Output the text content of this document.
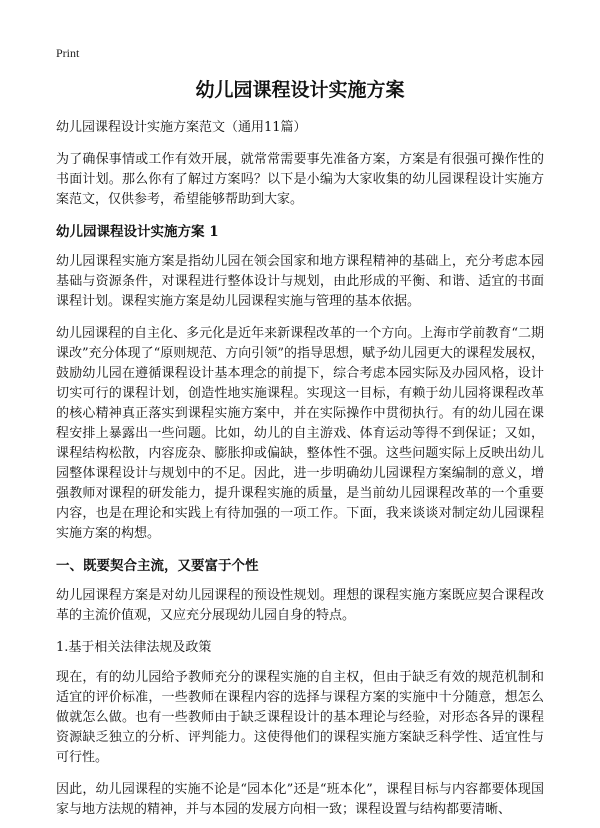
Print
幼儿园课程设计实施方案

幼儿园课程设计实施方案范文（通用11篇）

为了确保事情或工作有效开展，就常常需要事先准备方案，方案是有很强可操作性的书面计划。那么你有了解过方案吗？以下是小编为大家收集的幼儿园课程设计实施方案范文，仅供参考，希望能够帮助到大家。

幼儿园课程设计实施方案 1

幼儿园课程实施方案是指幼儿园在领会国家和地方课程精神的基础上，充分考虑本园基础与资源条件，对课程进行整体设计与规划，由此形成的平衡、和谐、适宜的书面课程计划。课程实施方案是幼儿园课程实施与管理的基本依据。

幼儿园课程的自主化、多元化是近年来新课程改革的一个方向。上海市学前教育“二期课改”充分体现了“原则规范、方向引领”的指导思想，赋予幼儿园更大的课程发展权，鼓励幼儿园在遵循课程设计基本理念的前提下，综合考虑本园实际及办园风格，设计切实可行的课程计划，创造性地实施课程。实现这一目标，有赖于幼儿园将课程改革的核心精神真正落实到课程实施方案中，并在实际操作中贯彻执行。有的幼儿园在课程安排上暴露出一些问题。比如，幼儿的自主游戏、体育运动等得不到保证；又如，课程结构松散，内容庞杂、膨胀抑或偏缺，整体性不强。这些问题实际上反映出幼儿园整体课程设计与规划中的不足。因此，进一步明确幼儿园课程方案编制的意义，增强教师对课程的研发能力，提升课程实施的质量，是当前幼儿园课程改革的一个重要内容，也是在理论和实践上有待加强的一项工作。下面，我来谈谈对制定幼儿园课程实施方案的构想。

一、既要契合主流，又要富于个性

幼儿园课程方案是对幼儿园课程的预设性规划。理想的课程实施方案既应契合课程改革的主流价值观，又应充分展现幼儿园自身的特点。

1.基于相关法律法规及政策

现在，有的幼儿园给予教师充分的课程实施的自主权，但由于缺乏有效的规范机制和适宜的评价标准，一些教师在课程内容的选择与课程方案的实施中十分随意，想怎么做就怎么做。也有一些教师由于缺乏课程设计的基本理论与经验，对形态各异的课程资源缺乏独立的分析、评判能力。这使得他们的课程实施方案缺乏科学性、适宜性与可行性。

因此，幼儿园课程的实施不论是“园本化”还是“班本化”，课程目标与内容都要体现国家与地方法规的精神，并与本园的发展方向相一致；课程设置与结构都要清晰、
